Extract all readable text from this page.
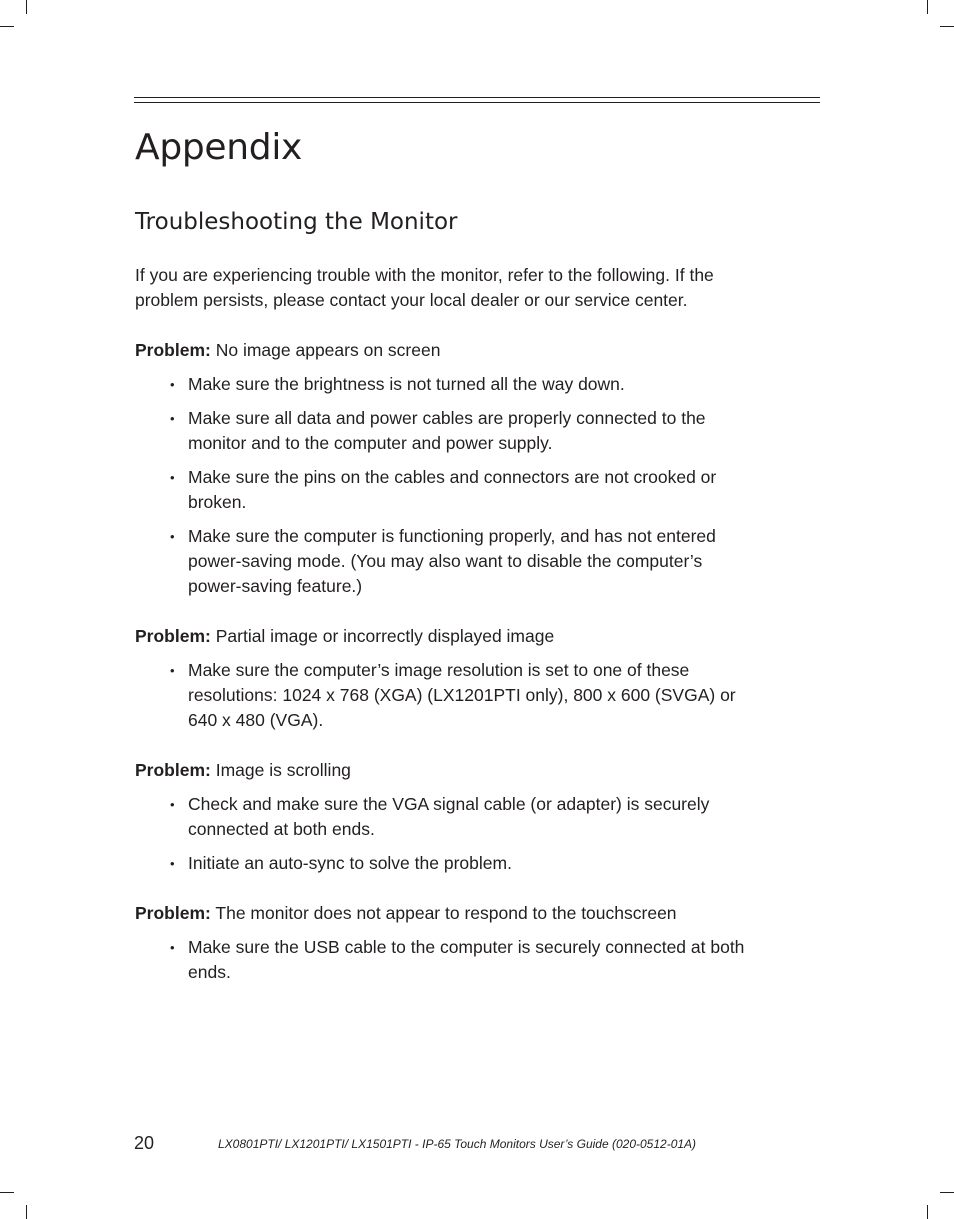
Appendix
Troubleshooting the Monitor

If you are experiencing trouble with the monitor, refer to the following. If the problem persists, please contact your local dealer or our service center.

Problem: No image appears on screen

• Make sure the brightness is not turned all the way down.
• Make sure all data and power cables are properly connected to the monitor and to the computer and power supply.
• Make sure the pins on the cables and connectors are not crooked or broken.
• Make sure the computer is functioning properly, and has not entered power-saving mode. (You may also want to disable the computer’s power-saving feature.)

Problem: Partial image or incorrectly displayed image

• Make sure the computer’s image resolution is set to one of these resolutions: 1024 x 768 (XGA) (LX1201PTI only), 800 x 600 (SVGA) or 640 x 480 (VGA).

Problem: Image is scrolling

• Check and make sure the VGA signal cable (or adapter) is securely connected at both ends.
• Initiate an auto-sync to solve the problem.

Problem: The monitor does not appear to respond to the touchscreen

• Make sure the USB cable to the computer is securely connected at both ends.
20	LX0801PTI/ LX1201PTI/ LX1501PTI - IP-65 Touch Monitors User’s Guide (020-0512-01A)
